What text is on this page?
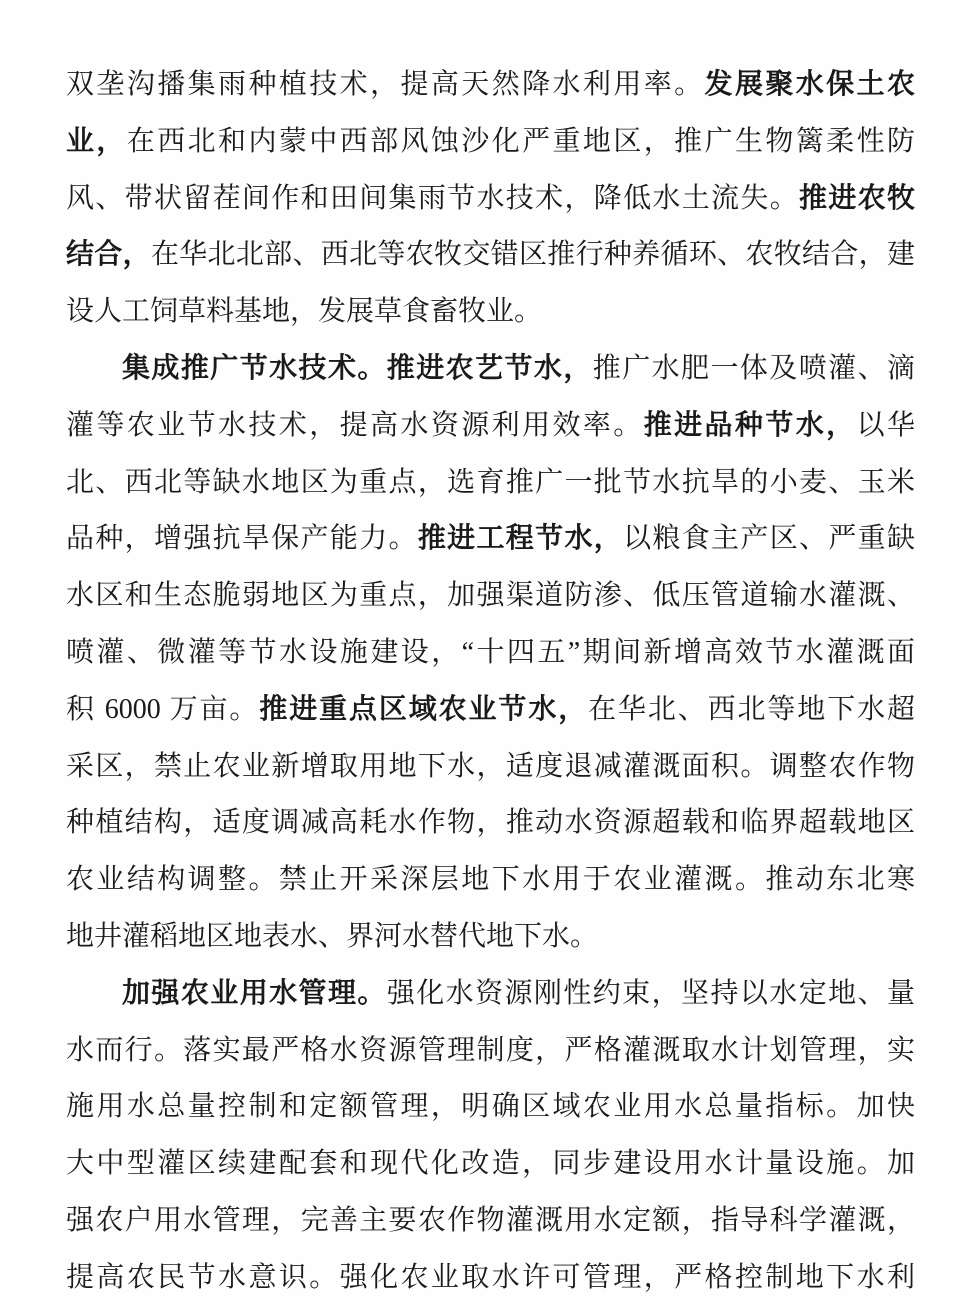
双垄沟播集雨种植技术，提高天然降水利用率。发展聚水保土农
业，在西北和内蒙中西部风蚀沙化严重地区，推广生物篱柔性防
风、带状留茬间作和田间集雨节水技术，降低水土流失。推进农牧
结合，在华北北部、西北等农牧交错区推行种养循环、农牧结合，建
设人工饲草料基地，发展草食畜牧业。
集成推广节水技术。推进农艺节水，推广水肥一体及喷灌、滴
灌等农业节水技术，提高水资源利用效率。推进品种节水，以华
北、西北等缺水地区为重点，选育推广一批节水抗旱的小麦、玉米
品种，增强抗旱保产能力。推进工程节水，以粮食主产区、严重缺
水区和生态脆弱地区为重点，加强渠道防渗、低压管道输水灌溉、
喷灌、微灌等节水设施建设，“十四五”期间新增高效节水灌溉面
积 6000 万亩。推进重点区域农业节水，在华北、西北等地下水超
采区，禁止农业新增取用地下水，适度退减灌溉面积。调整农作物
种植结构，适度调减高耗水作物，推动水资源超载和临界超载地区
农业结构调整。禁止开采深层地下水用于农业灌溉。推动东北寒
地井灌稻地区地表水、界河水替代地下水。
加强农业用水管理。强化水资源刚性约束，坚持以水定地、量
水而行。落实最严格水资源管理制度，严格灌溉取水计划管理，实
施用水总量控制和定额管理，明确区域农业用水总量指标。加快
大中型灌区续建配套和现代化改造，同步建设用水计量设施。加
强农户用水管理，完善主要农作物灌溉用水定额，指导科学灌溉，
提高农民节水意识。强化农业取水许可管理，严格控制地下水利
